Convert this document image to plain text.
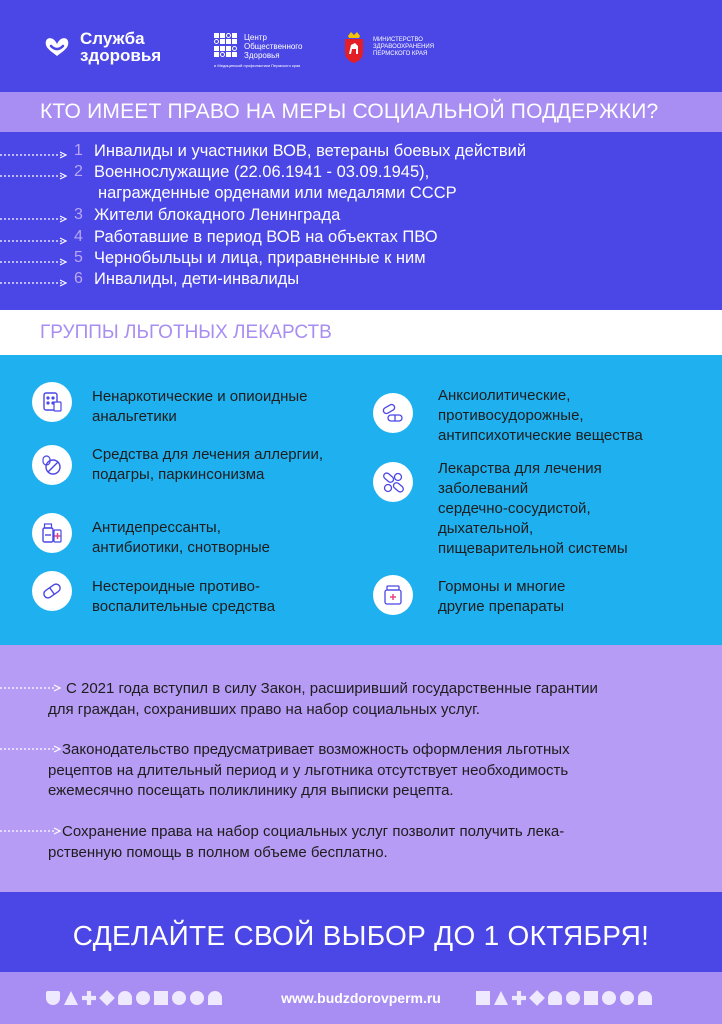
Служба
здоровья
Центр
Общественного
Здоровья
и Медицинской профилактики Пермского края
МИНИСТЕРСТВО
ЗДРАВООХРАНЕНИЯ
ПЕРМСКОГО КРАЯ
КТО ИМЕЕТ ПРАВО НА МЕРЫ СОЦИАЛЬНОЙ ПОДДЕРЖКИ?
1 Инвалиды и участники ВОВ, ветераны боевых действий
2 Военнослужащие (22.06.1941 - 03.09.1945),
награжденные орденами или медалями СССР
3 Жители блокадного Ленинграда
4 Работавшие в период ВОВ на объектах ПВО
5 Чернобыльцы и лица, приравненные к ним
6 Инвалиды, дети-инвалиды
ГРУППЫ ЛЬГОТНЫХ ЛЕКАРСТВ
Ненаркотические и опиоидные
анальгетики
Средства для лечения аллергии,
подагры, паркинсонизма
Антидепрессанты,
антибиотики, снотворные
Нестероидные противо-
воспалительные средства
Анксиолитические,
противосудорожные,
антипсихотические вещества
Лекарства для лечения
заболеваний
сердечно-сосудистой,
дыхательной,
пищеварительной системы
Гормоны и многие
другие препараты
С 2021 года вступил в силу Закон, расширивший государственные гарантии
для граждан, сохранивших право на набор социальных услуг.
Законодательство предусматривает возможность оформления льготных
рецептов на длительный период и у льготника отсутствует необходимость
ежемесячно посещать поликлинику для выписки рецепта.
Сохранение права на набор социальных услуг позволит получить лека-
рственную помощь в полном объеме бесплатно.
СДЕЛАЙТЕ СВОЙ ВЫБОР ДО 1 ОКТЯБРЯ!
www.budzdorovperm.ru
